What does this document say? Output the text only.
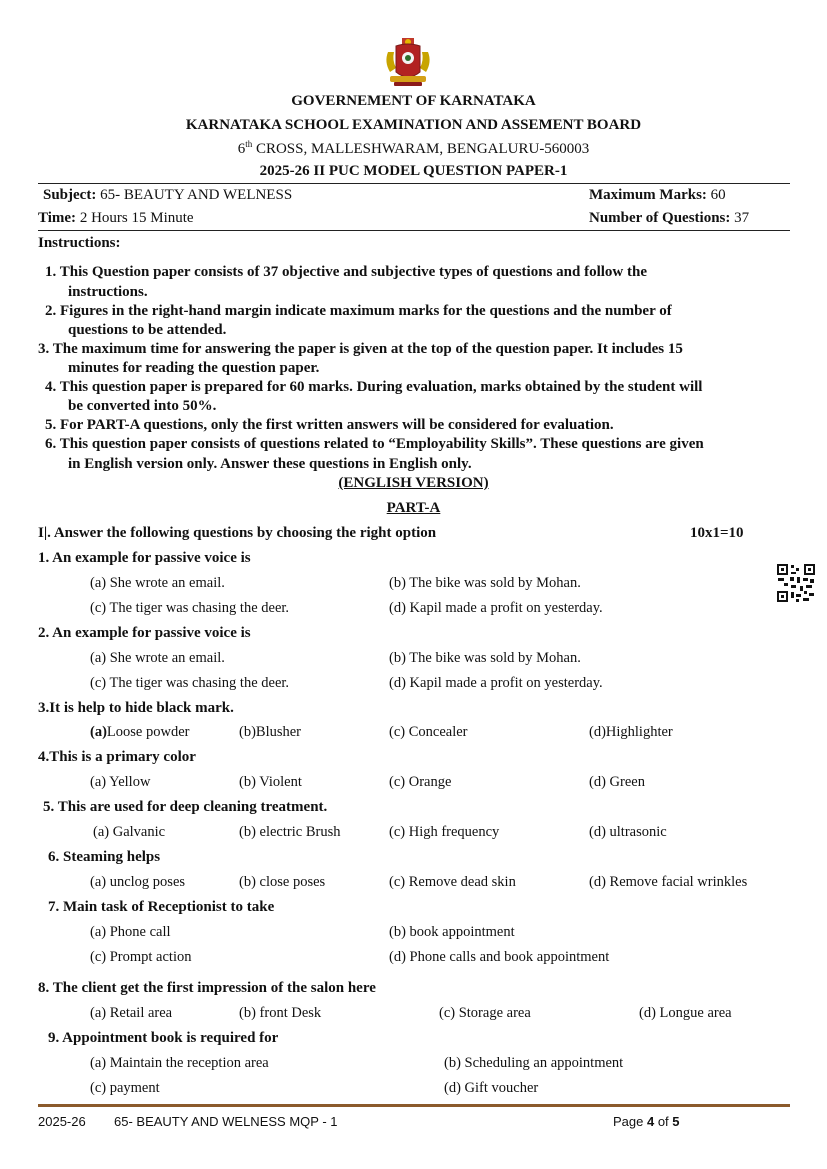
GOVERNEMENT OF KARNATAKA
KARNATAKA SCHOOL EXAMINATION AND ASSEMENT BOARD
6th CROSS, MALLESHWARAM, BENGALURU-560003
2025-26 II PUC MODEL QUESTION PAPER-1
Subject: 65- BEAUTY AND WELNESS	Maximum Marks: 60
Time: 2 Hours 15 Minute	Number of Questions: 37
Instructions:
1. This Question paper consists of 37 objective and subjective types of questions and follow the
instructions.
2. Figures in the right-hand margin indicate maximum marks for the questions and the number of
questions to be attended.
3. The maximum time for answering the paper is given at the top of the question paper. It includes 15
minutes for reading the question paper.
4. This question paper is prepared for 60 marks. During evaluation, marks obtained by the student will
be converted into 50%.
5. For PART-A questions, only the first written answers will be considered for evaluation.
6. This question paper consists of questions related to “Employability Skills”. These questions are given
in English version only. Answer these questions in English only.
(ENGLISH VERSION)
PART-A
I|. Answer the following questions by choosing the right option	10x1=10
1. An example for passive voice is
(a) She wrote an email.	(b) The bike was sold by Mohan.
(c) The tiger was chasing the deer.	(d) Kapil made a profit on yesterday.
2. An example for passive voice is
(a) She wrote an email.	(b) The bike was sold by Mohan.
(c) The tiger was chasing the deer.	(d) Kapil made a profit on yesterday.
3.It is help to hide black mark.
(a)Loose powder	(b)Blusher	(c) Concealer	(d)Highlighter
4.This is a primary color
(a) Yellow	(b) Violent	(c) Orange	(d) Green
5. This are used for deep cleaning treatment.
(a) Galvanic	(b) electric Brush	(c) High frequency	(d) ultrasonic
6. Steaming helps
(a) unclog poses	(b) close poses	(c) Remove dead skin	(d) Remove facial wrinkles
7. Main task of Receptionist to take
(a) Phone call	(b) book appointment
(c) Prompt action	(d) Phone calls and book appointment
8. The client get the first impression of the salon here
(a) Retail area	(b) front Desk	(c) Storage area	(d) Longue area
9. Appointment book is required for
(a) Maintain the reception area	(b) Scheduling an appointment
(c) payment	(d) Gift voucher
2025-26 65- BEAUTY AND WELNESS MQP - 1	Page 4 of 5
